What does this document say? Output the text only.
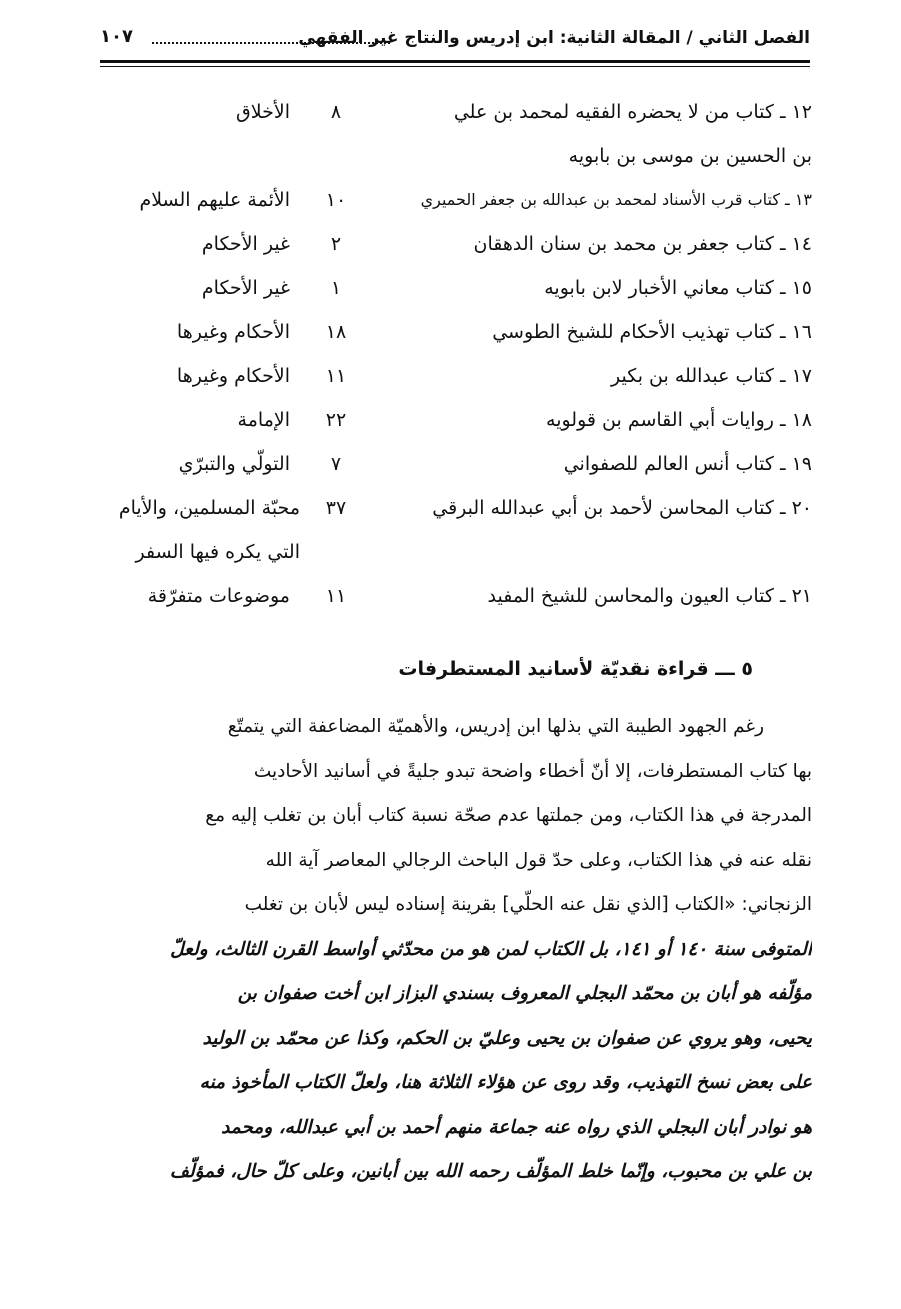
الفصل الثاني / المقالة الثانية: ابن إدريس والنتاج غير الفقهي
١٠٧
١٢ ـ كتاب من لا يحضره الفقيه لمحمد بن علي
٨
الأخلاق
بن الحسين بن موسى بن بابويه
١٣ ـ كتاب قرب الأسناد لمحمد بن عبدالله بن جعفر الحميري
١٠
الأئمة عليهم السلام
١٤ ـ كتاب جعفر بن محمد بن سنان الدهقان
٢
غير الأحكام
١٥ ـ كتاب معاني الأخبار لابن بابويه
١
غير الأحكام
١٦ ـ كتاب تهذيب الأحكام للشيخ الطوسي
١٨
الأحكام وغيرها
١٧ ـ كتاب عبدالله بن بكير
١١
الأحكام وغيرها
١٨ ـ روايات أبي القاسم بن قولويه
٢٢
الإمامة
١٩ ـ كتاب أنس العالم للصفواني
٧
التولّي والتبرّي
٢٠ ـ كتاب المحاسن لأحمد بن أبي عبدالله البرقي
٣٧
محبّة المسلمين، والأيام التي يكره فيها السفر
٢١ ـ كتاب العيون والمحاسن للشيخ المفيد
١١
موضوعات متفرّقة
٥ ـــ قراءة نقديّة لأسانيد المستطرفات
رغم الجهود الطيبة التي بذلها ابن إدريس، والأهميّة المضاعفة التي يتمتّع
بها كتاب المستطرفات، إلا أنّ أخطاء واضحة تبدو جليةً في أسانيد الأحاديث
المدرجة في هذا الكتاب، ومن جملتها عدم صحّة نسبة كتاب أبان بن تغلب إليه مع
نقله عنه في هذا الكتاب، وعلى حدّ قول الباحث الرجالي المعاصر آية الله
الزنجاني: «الكتاب [الذي نقل عنه الحلّي] بقرينة إسناده ليس لأبان بن تغلب
المتوفى سنة ١٤٠ أو ١٤١، بل الكتاب لمن هو من محدّثي أواسط القرن الثالث، ولعلّ
مؤلّفه هو أبان بن محمّد البجلي المعروف بسندي البزاز ابن أخت صفوان بن
يحيى، وهو يروي عن صفوان بن يحيى وعليّ بن الحكم، وكذا عن محمّد بن الوليد
على بعض نسخ التهذيب، وقد روى عن هؤلاء الثلاثة هنا، ولعلّ الكتاب المأخوذ منه
هو نوادر أبان البجلي الذي رواه عنه جماعة منهم أحمد بن أبي عبدالله، ومحمد
بن علي بن محبوب، وإنّما خلط المؤلّف رحمه الله بين أبانين، وعلى كلّ حال، فمؤلّف
